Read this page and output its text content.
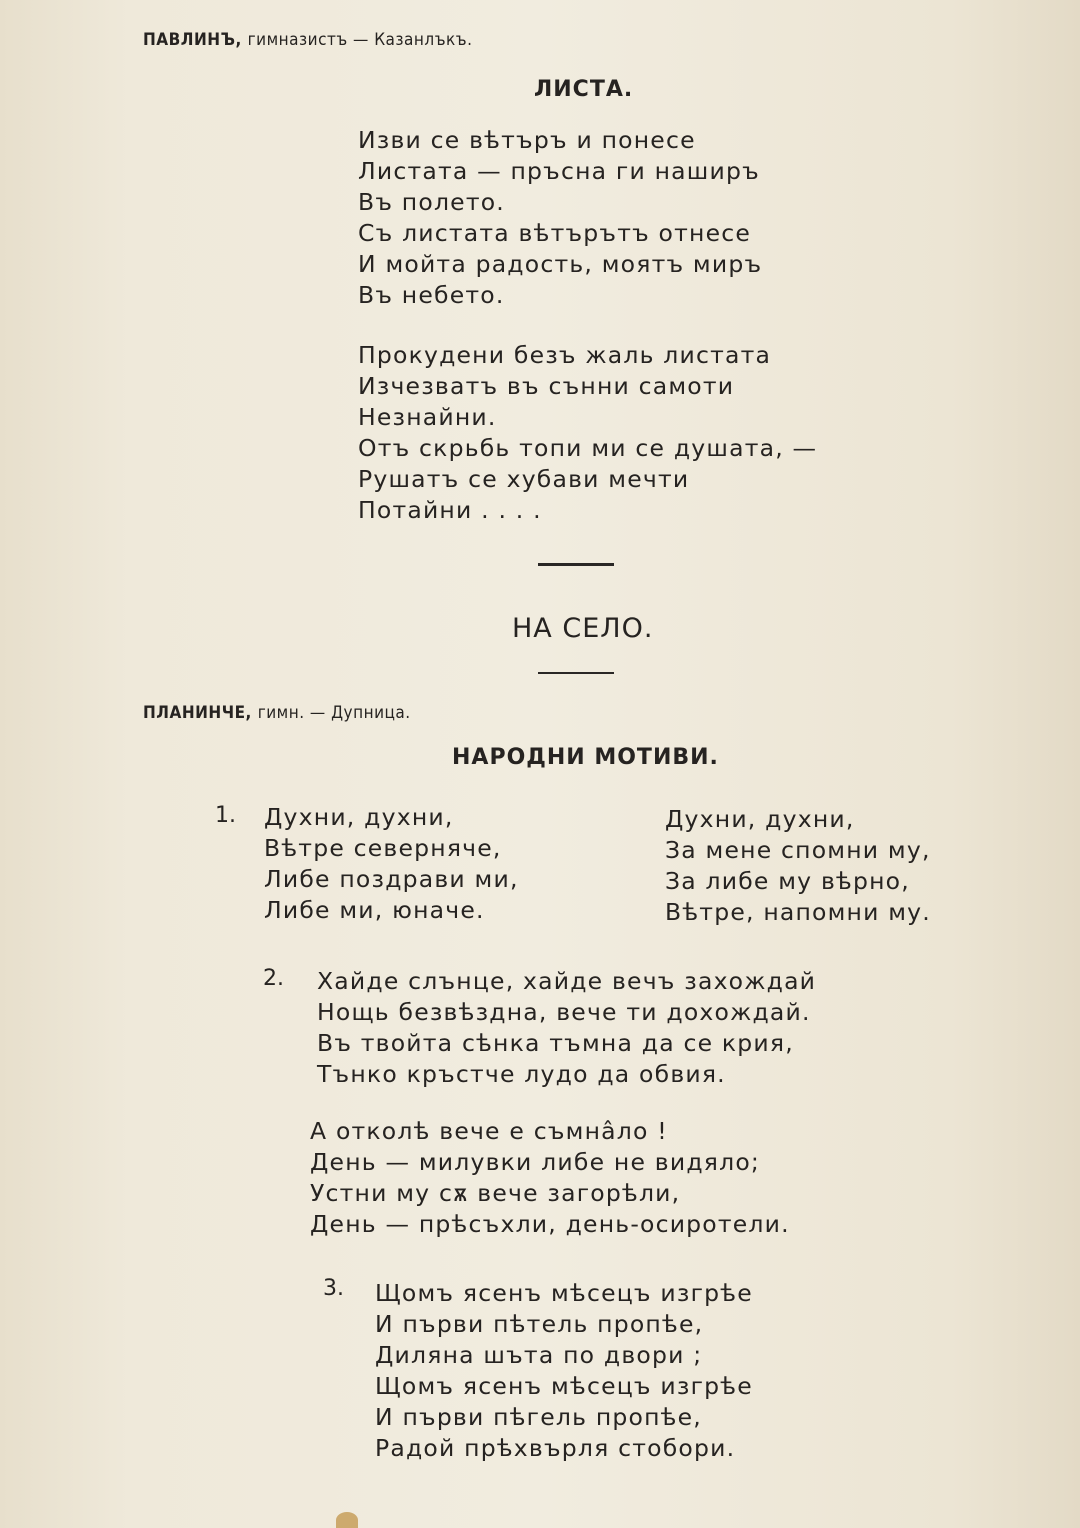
ПАВЛИНЪ, гимназистъ — Казанлъкъ.
ЛИСТА.
Изви се вѣтъръ и понесе
Листата — пръсна ги наширъ
Въ полето.
Съ листата вѣтърътъ отнесе
И мойта радость, моятъ миръ
Въ небето.
Прокудени безъ жаль листата
Изчезватъ въ сънни самоти
Незнайни.
Отъ скрьбь топи ми се душата, —
Рушатъ се хубави мечти
Потайни . . . .
НА СЕЛО.
ПЛАНИНЧЕ, гимн. — Дупница.
НАРОДНИ МОТИВИ.
1. Духни, духни,
Вѣтре северняче,
Либе поздрави ми,
Либе ми, юначе.
Духни, духни,
За мене спомни му,
За либе му вѣрно,
Вѣтре, напомни му.
2. Хайде слънце, хайде вечъ захождай
Нощь безвѣздна, вече ти дохождай.
Въ твойта сѣнка тъмна да се крия,
Тънко кръстче лудо да обвия.
А отколѣ вече е съмнâло !
День — милувки либе не видяло;
Устни му сѫ вече загорѣли,
День — прѣсъхли, день-осиротели.
3. Щомъ ясенъ мѣсецъ изгрѣе
И първи пѣтель пропѣе,
Диляна шъта по двори ;
Щомъ ясенъ мѣсецъ изгрѣе
И първи пѣгель пропѣе,
Радой прѣхвърля стобори.
